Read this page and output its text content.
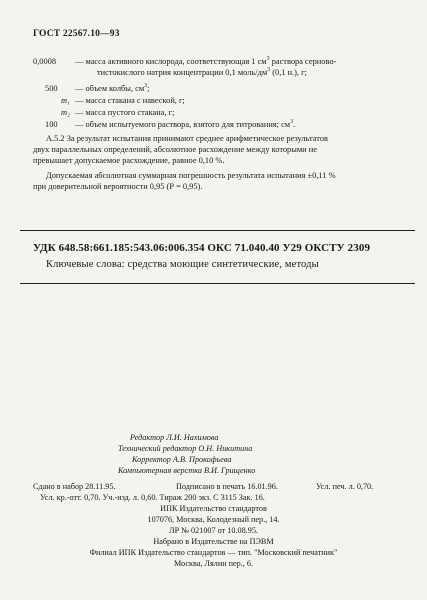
ГОСТ 22567.10—93
0,0008	— масса активного кислорода, соответствующая 1 $см^3$ раствора серново-
тистокислого натрия концентрации 0,1 моль/$дм^3$ (0,1 н.), г;
500	— объем колбы, $см^3$;
m₁ — масса стакана с навеской, г;
m₂ — масса пустого стакана, г;
100	— объем испытуемого раствора, взятого для титрования; $см^3$.
А.5.2 За результат испытания принимают среднее арифметическое результатов
двух параллельных определений, абсолютное расхождение между которыми не
превышает допускаемое расхождение, равное 0,10 %.
Допускаемая абсолютная суммарная погрешность результата испытания ±0,11 %
при доверительной вероятности 0,95 (Р = 0,95).
УДК 648.58:661.185:543.06:006.354 ОКС 71.040.40 У29 ОКСТУ 2309
Ключевые слова: средства моющие синтетические, методы
Редактор Л.И. Нахимова
Технический редактор О.Н. Никитина
Корректор А.В. Прокофьева
Компьютерная верстка В.И. Грищенко
Сдано в набор 28.11.95.	Подписано в печать 16.01.96.	Усл. печ. л. 0,70.
Усл. кр.-отт. 0,70. Уч.-изд. л. 0,60. Тираж 200 экз. С 3115 Зак. 16.
ИПК Издательство стандартов
107076, Москва, Колодезный пер., 14.
ЛР № 021007 от 10.08.95.
Набрано в Издательстве на ПЭВМ
Филиал ИПК Издательство стандартов — тип. "Московский печатник"
Москва, Лялин пер., 6.
